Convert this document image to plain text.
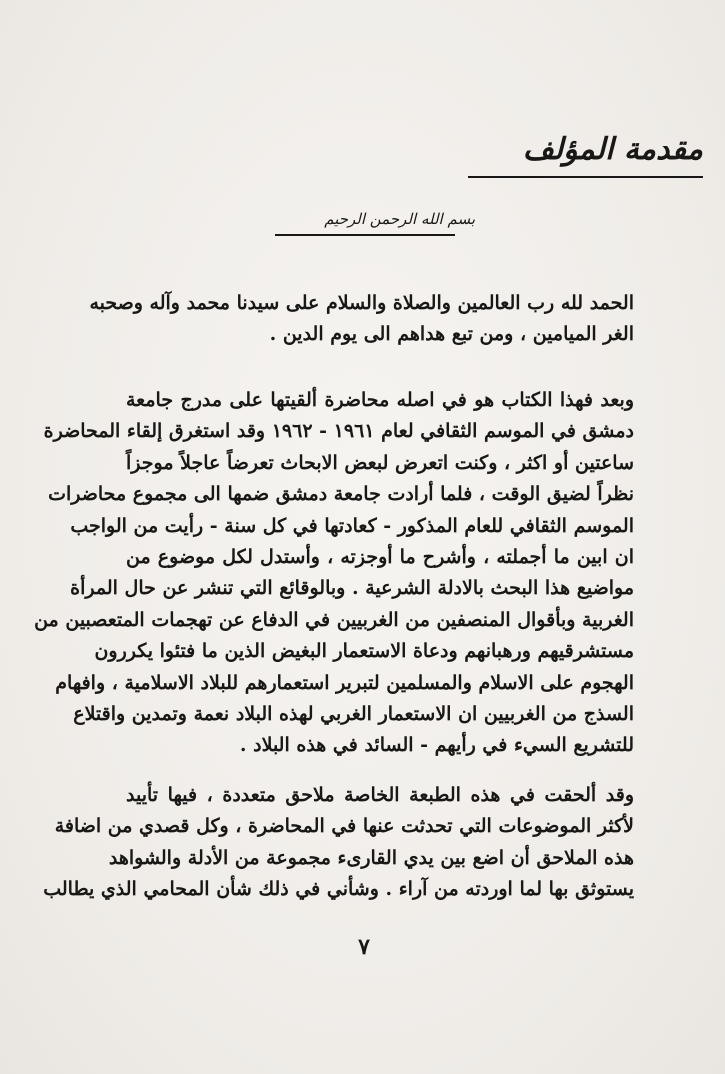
مقدمة المؤلف
بسم الله الرحمن الرحيم
الحمد لله رب العالمين والصلاة والسلام على سيدنا محمد وآله وصحبه
الغر الميامين ، ومن تبع هداهم الى يوم الدين .
وبعد فهذا الكتاب هو في اصله محاضرة ألقيتها على مدرج جامعة
دمشق في الموسم الثقافي لعام ١٩٦١ - ١٩٦٢ وقد استغرق إلقاء المحاضرة
ساعتين أو اكثر ، وكنت اتعرض لبعض الابحاث تعرضاً عاجلاً موجزاً
نظراً لضيق الوقت ، فلما أرادت جامعة دمشق ضمها الى مجموع محاضرات
الموسم الثقافي للعام المذكور - كعادتها في كل سنة - رأيت من الواجب
ان ابين ما أجملته ، وأشرح ما أوجزته ، وأستدل لكل موضوع من
مواضيع هذا البحث بالادلة الشرعية . وبالوقائع التي تنشر عن حال المرأة
الغربية وبأقوال المنصفين من الغربيين في الدفاع عن تهجمات المتعصبين من
مستشرقيهم ورهبانهم ودعاة الاستعمار البغيض الذين ما فتئوا يكررون
الهجوم على الاسلام والمسلمين لتبرير استعمارهم للبلاد الاسلامية ، وافهام
السذج من الغربيين ان الاستعمار الغربي لهذه البلاد نعمة وتمدين واقتلاع
للتشريع السيء في رأيهم - السائد في هذه البلاد .
وقد ألحقت في هذه الطبعة الخاصة ملاحق متعددة ، فيها تأييد
لأكثر الموضوعات التي تحدثت عنها في المحاضرة ، وكل قصدي من اضافة
هذه الملاحق أن اضع بين يدي القارىء مجموعة من الأدلة والشواهد
يستوثق بها لما اوردته من آراء . وشأني في ذلك شأن المحامي الذي يطالب
٧
